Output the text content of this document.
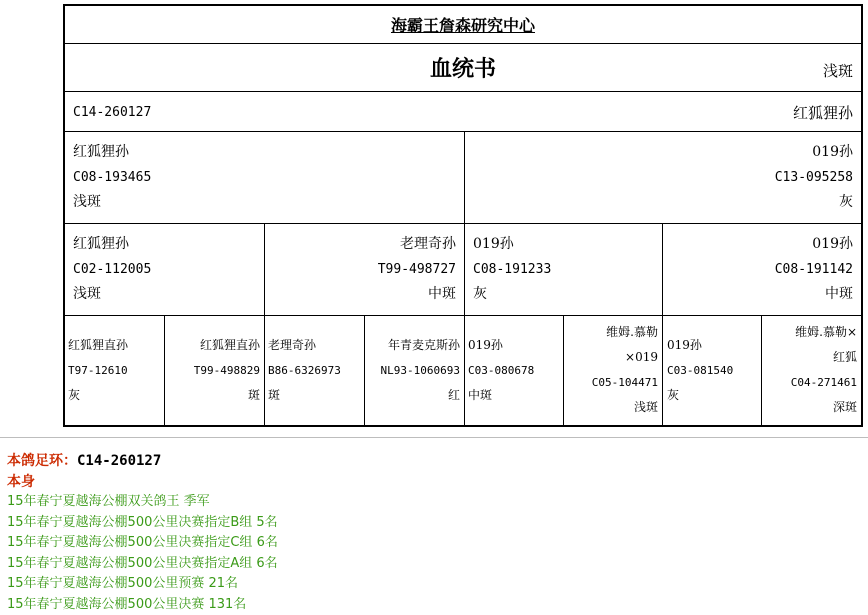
海霸王詹森研究中心
血统书	浅斑
C14-260127	红狐狸孙
红狐狸孙
C08-193465
浅斑
019孙
C13-095258
灰
红狐狸孙
C02-112005
浅斑
老理奇孙
T99-498727
中斑
019孙
C08-191233
灰
019孙
C08-191142
中斑
红狐狸直孙
T97-12610
灰
红狐狸直孙
T99-498829
斑
老理奇孙
B86-6326973
斑
年青麦克斯孙
NL93-1060693
红
019孙
C03-080678
中斑
维姆.慕勒
×019
C05-104471
浅斑
019孙
C03-081540
灰
维姆.慕勒×
红狐
C04-271461
深斑
本鸽足环：C14-260127
本身
15年春宁夏越海公棚双关鸽王 季军
15年春宁夏越海公棚500公里决赛指定B组 5名
15年春宁夏越海公棚500公里决赛指定C组 6名
15年春宁夏越海公棚500公里决赛指定A组 6名
15年春宁夏越海公棚500公里预赛 21名
15年春宁夏越海公棚500公里决赛 131名
